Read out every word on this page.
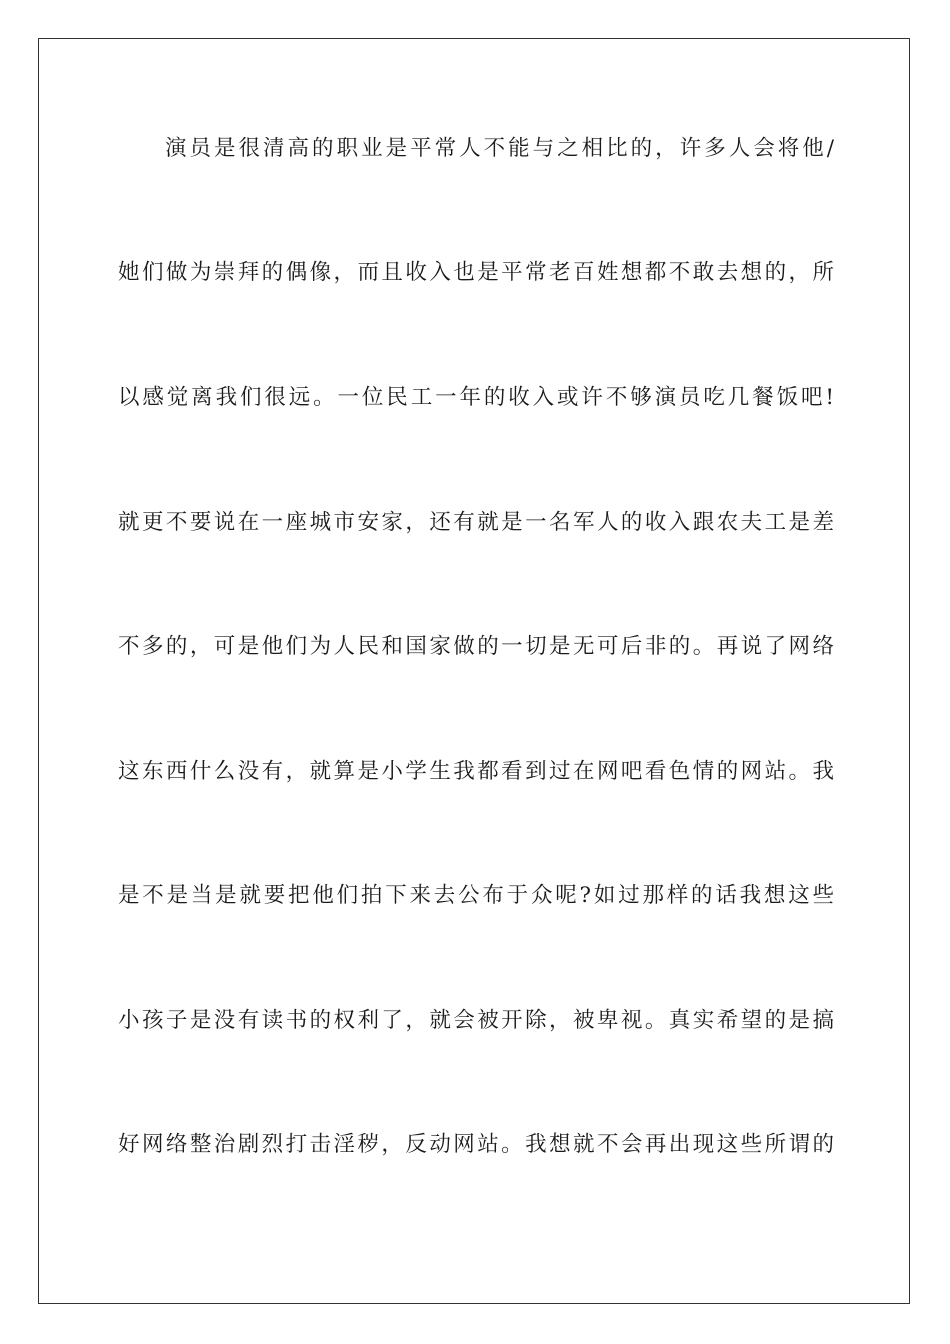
演员是很清高的职业是平常人不能与之相比的，许多人会将他/
她们做为崇拜的偶像，而且收入也是平常老百姓想都不敢去想的，所
以感觉离我们很远。一位民工一年的收入或许不够演员吃几餐饭吧!
就更不要说在一座城市安家，还有就是一名军人的收入跟农夫工是差
不多的，可是他们为人民和国家做的一切是无可后非的。再说了网络
这东西什么没有，就算是小学生我都看到过在网吧看色情的网站。我
是不是当是就要把他们拍下来去公布于众呢?如过那样的话我想这些
小孩子是没有读书的权利了，就会被开除，被卑视。真实希望的是搞
好网络整治剧烈打击淫秽，反动网站。我想就不会再出现这些所谓的
